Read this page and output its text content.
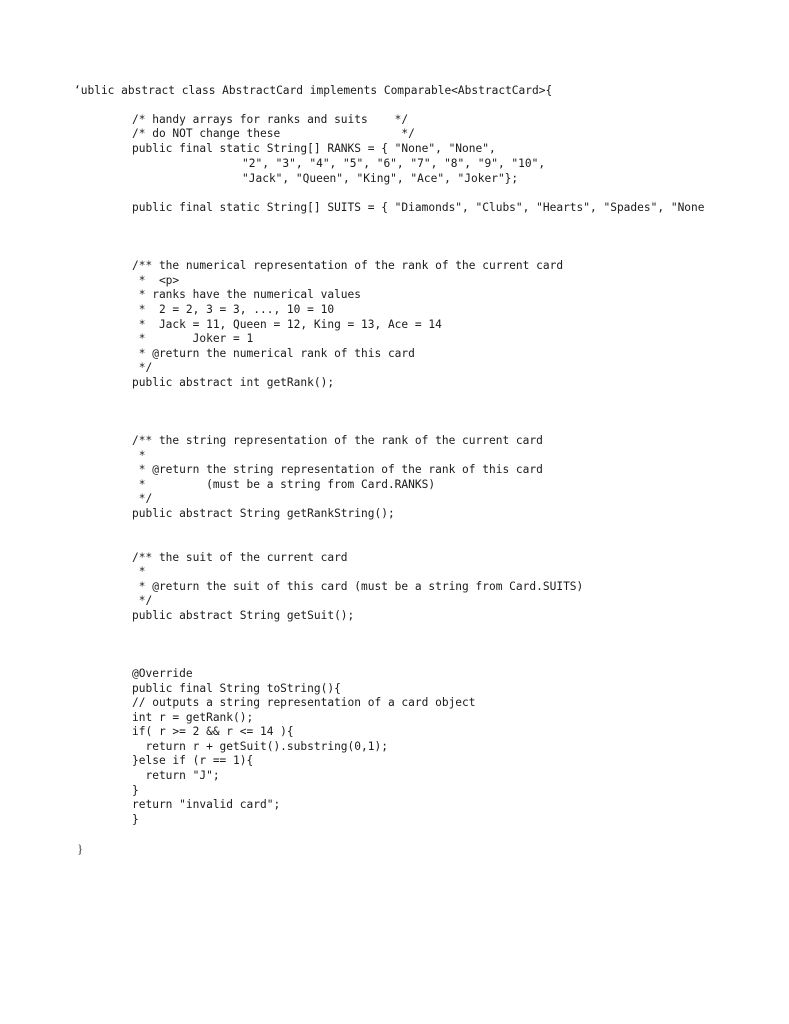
‘ublic abstract class AbstractCard implements Comparable<AbstractCard>{
/* handy arrays for ranks and suits    */
/* do NOT change these                  */
public final static String[] RANKS = { "None", "None",
"2", "3", "4", "5", "6", "7", "8", "9", "10",
"Jack", "Queen", "King", "Ace", "Joker"};
public final static String[] SUITS = { "Diamonds", "Clubs", "Hearts", "Spades", "None
/** the numerical representation of the rank of the current card
*  <p>
* ranks have the numerical values
*  2 = 2, 3 = 3, ..., 10 = 10
*  Jack = 11, Queen = 12, King = 13, Ace = 14
*       Joker = 1
* @return the numerical rank of this card
*/
public abstract int getRank();
/** the string representation of the rank of the current card
*
* @return the string representation of the rank of this card
*         (must be a string from Card.RANKS)
*/
public abstract String getRankString();
/** the suit of the current card
*
* @return the suit of this card (must be a string from Card.SUITS)
*/
public abstract String getSuit();
@Override
public final String toString(){
// outputs a string representation of a card object
int r = getRank();
if( r >= 2 && r <= 14 ){
return r + getSuit().substring(0,1);
}else if (r == 1){
return "J";
}
return "invalid card";
}
}
